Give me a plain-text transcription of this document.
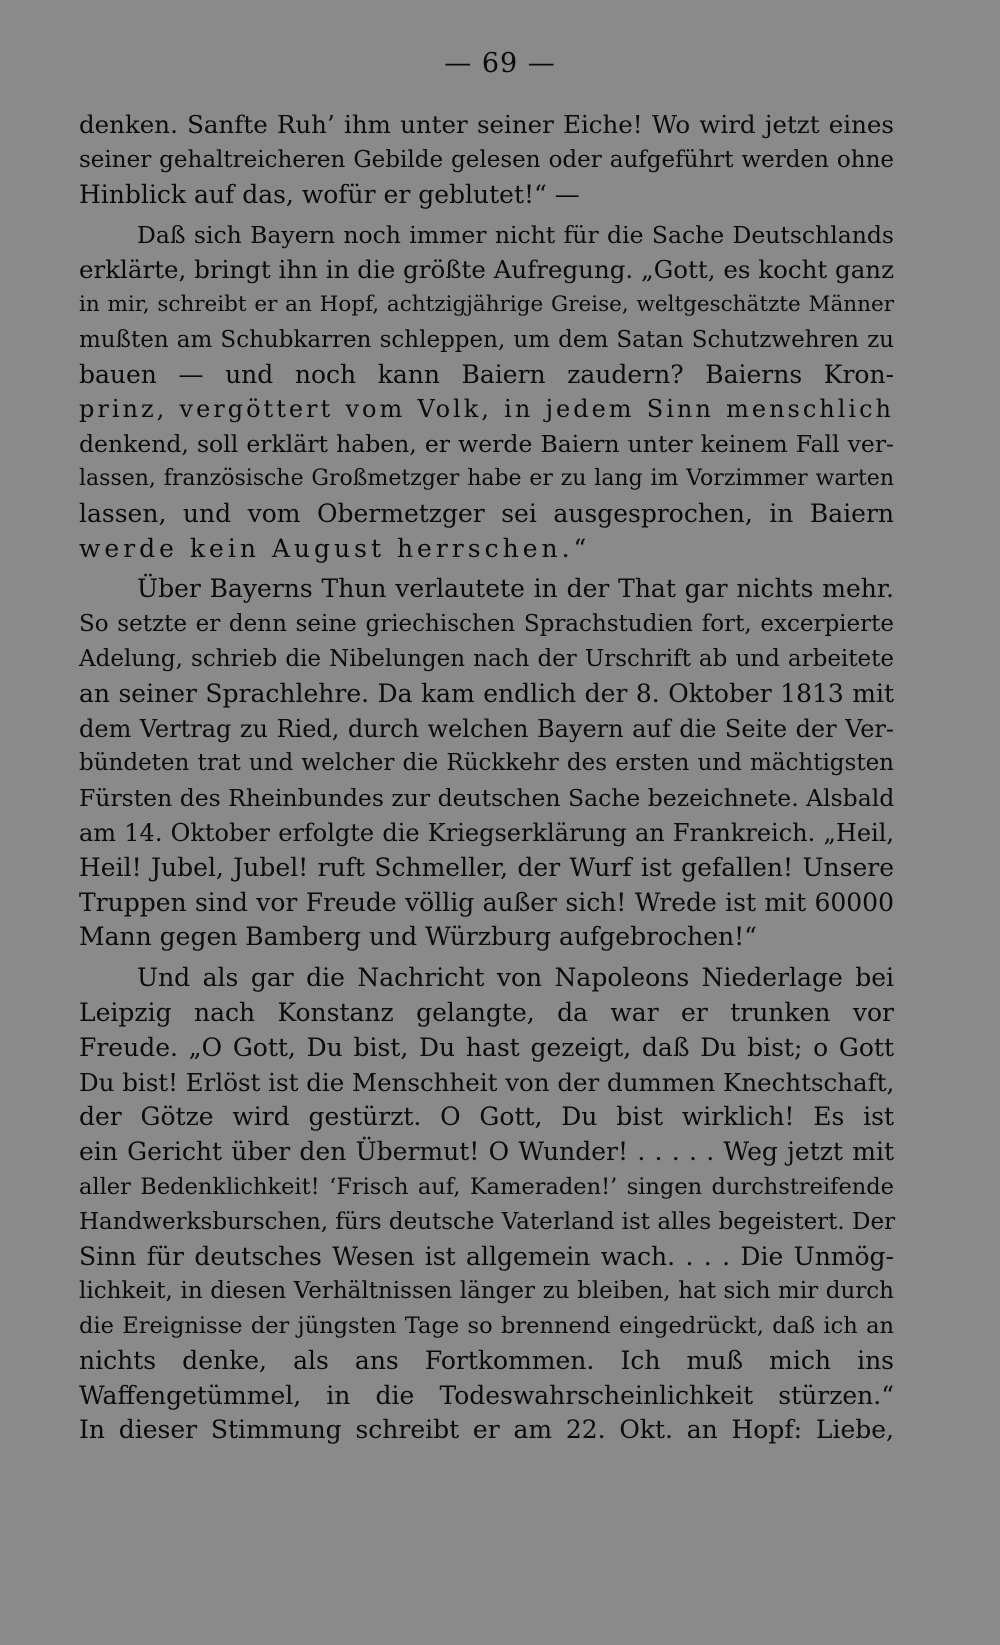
— 69 —
denken. Sanfte Ruh’ ihm unter seiner Eiche! Wo wird jetzt eines
seiner gehaltreicheren Gebilde gelesen oder aufgeführt werden ohne
Hinblick auf das, wofür er geblutet!“ —
Daß sich Bayern noch immer nicht für die Sache Deutschlands
erklärte, bringt ihn in die größte Aufregung. „Gott, es kocht ganz
in mir, schreibt er an Hopf, achtzigjährige Greise, weltgeschätzte Männer
mußten am Schubkarren schleppen, um dem Satan Schutzwehren zu
bauen — und noch kann Baiern zaudern? Baierns Kron-
prinz, vergöttert vom Volk, in jedem Sinn menschlich
denkend, soll erklärt haben, er werde Baiern unter keinem Fall ver-
lassen, französische Großmetzger habe er zu lang im Vorzimmer warten
lassen, und vom Obermetzger sei ausgesprochen, in Baiern
werde kein August herrschen.“
Über Bayerns Thun verlautete in der That gar nichts mehr.
So setzte er denn seine griechischen Sprachstudien fort, excerpierte
Adelung, schrieb die Nibelungen nach der Urschrift ab und arbeitete
an seiner Sprachlehre. Da kam endlich der 8. Oktober 1813 mit
dem Vertrag zu Ried, durch welchen Bayern auf die Seite der Ver-
bündeten trat und welcher die Rückkehr des ersten und mächtigsten
Fürsten des Rheinbundes zur deutschen Sache bezeichnete. Alsbald
am 14. Oktober erfolgte die Kriegserklärung an Frankreich. „Heil,
Heil! Jubel, Jubel! ruft Schmeller, der Wurf ist gefallen! Unsere
Truppen sind vor Freude völlig außer sich! Wrede ist mit 60000
Mann gegen Bamberg und Würzburg aufgebrochen!“
Und als gar die Nachricht von Napoleons Niederlage bei
Leipzig nach Konstanz gelangte, da war er trunken vor
Freude. „O Gott, Du bist, Du hast gezeigt, daß Du bist; o Gott
Du bist! Erlöst ist die Menschheit von der dummen Knechtschaft,
der Götze wird gestürzt. O Gott, Du bist wirklich! Es ist
ein Gericht über den Übermut! O Wunder! . . . . . Weg jetzt mit
aller Bedenklichkeit! ‘Frisch auf, Kameraden!’ singen durchstreifende
Handwerksburschen, fürs deutsche Vaterland ist alles begeistert. Der
Sinn für deutsches Wesen ist allgemein wach. . . . Die Unmög-
lichkeit, in diesen Verhältnissen länger zu bleiben, hat sich mir durch
die Ereignisse der jüngsten Tage so brennend eingedrückt, daß ich an
nichts denke, als ans Fortkommen. Ich muß mich ins
Waffengetümmel, in die Todeswahrscheinlichkeit stürzen.“
In dieser Stimmung schreibt er am 22. Okt. an Hopf: Liebe,
